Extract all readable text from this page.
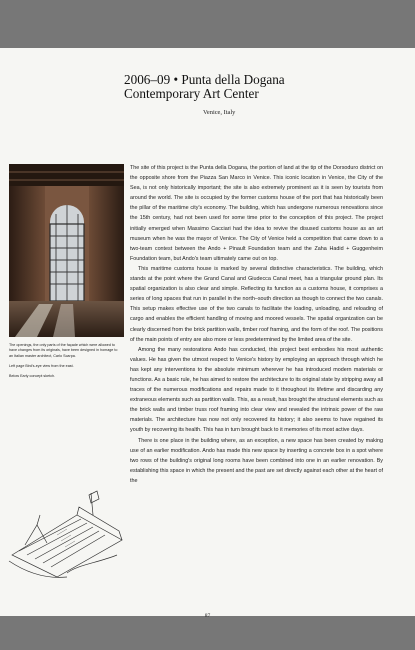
2006–09 • Punta della Dogana
Contemporary Art Center
Venice, Italy

The openings, the only parts of the façade which were allowed to have changes from its originals, have been designed in homage to an Italian master architect, Carlo Scarpa.

Left page Bird's-eye view from the east.

Below Early concept sketch.

The site of this project is the Punta della Dogana, the portion of land at the tip of the Dorsoduro district on the opposite shore from the Piazza San Marco in Venice. This iconic location in Venice, the City of the Sea, is not only historically important; the site is also extremely prominent as it is seen by tourists from around the world. The site is occupied by the former customs house of the port that has historically been the pillar of the maritime city's economy. The building, which has undergone numerous renovations since the 15th century, had not been used for some time prior to the conception of this project. The project initially emerged when Massimo Cacciari had the idea to revive the disused customs house as an art museum when he was the mayor of Venice. The City of Venice held a competition that came down to a two-team contest between the Ando + Pinault Foundation team and the Zaha Hadid + Guggenheim Foundation team, but Ando's team ultimately came out on top.

This maritime customs house is marked by several distinctive characteristics. The building, which stands at the point where the Grand Canal and Giudecca Canal meet, has a triangular ground plan. Its spatial organization is also clear and simple. Reflecting its function as a customs house, it comprises a series of long spaces that run in parallel in the north–south direction as though to connect the two canals. This setup makes effective use of the two canals to facilitate the loading, unloading, and reloading of cargo and enables the efficient handling of moving and moored vessels. The spatial organization can be clearly discerned from the brick partition walls, timber roof framing, and the form of the roof. The positions of the main points of entry are also more or less predetermined by the limited area of the site.

Among the many restorations Ando has conducted, this project best embodies his most authentic values. He has given the utmost respect to Venice's history by employing an approach through which he has kept any interventions to the absolute minimum wherever he has introduced modern materials or functions. As a basic rule, he has aimed to restore the architecture to its original state by stripping away all traces of the numerous modifications and repairs made to it throughout its lifetime and discarding any extraneous elements such as partition walls. This, as a result, has brought the structural elements such as the brick walls and timber truss roof framing into clear view and revealed the intrinsic power of the raw materials. The architecture has now not only recovered its history; it also seems to have regained its youth by recovering its health. This has in turn brought back to it memories of its most active days.

There is one place in the building where, as an exception, a new space has been created by making use of an earlier modification. Ando has made this new space by inserting a concrete box in a spot where two rows of the building's original long rooms have been combined into one in an earlier renovation. By establishing this space in which the present and the past are set directly against each other at the heart of the

87
